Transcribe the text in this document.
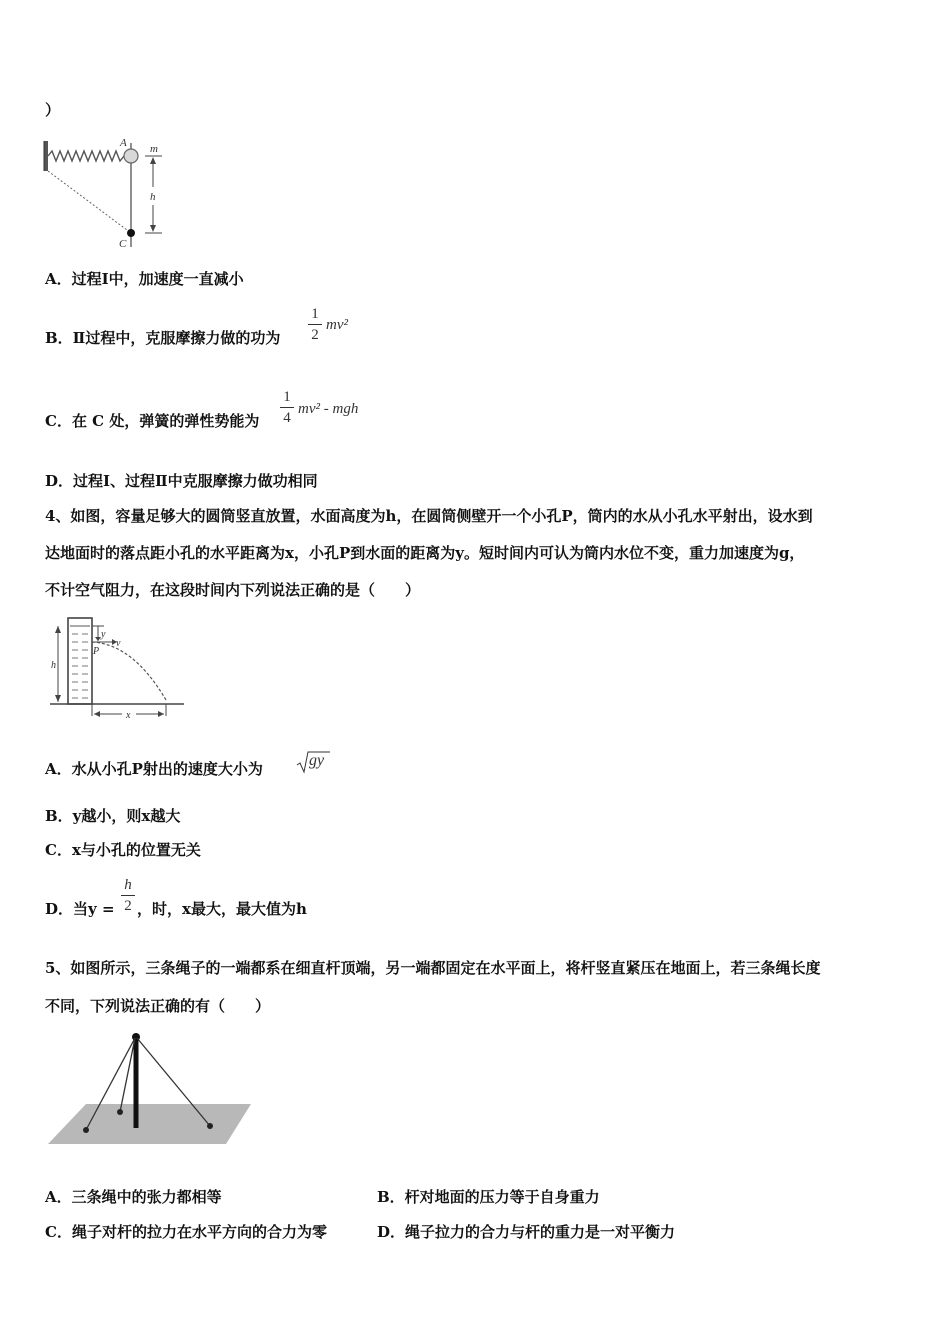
）
A m
h
C
A．过程Ⅰ中，加速度一直减小
B．Ⅱ过程中，克服摩擦力做的功为
1
2
mv²
C．在 C 处，弹簧的弹性势能为
1
4
mv² - mgh
D．过程Ⅰ、过程Ⅱ中克服摩擦力做功相同
4、如图，容量足够大的圆筒竖直放置，水面高度为h，在圆筒侧壁开一个小孔P，筒内的水从小孔水平射出，设水到
达地面时的落点距小孔的水平距离为x，小孔P到水面的距离为y。短时间内可认为筒内水位不变，重力加速度为g，
不计空气阻力，在这段时间内下列说法正确的是（　　）
y
v
P
h
x
A．水从小孔P射出的速度大小为	gy
B．y越小，则x越大
C．x与小孔的位置无关
D．当y =
h
2 ，时，x最大，最大值为h
5、如图所示，三条绳子的一端都系在细直杆顶端，另一端都固定在水平面上，将杆竖直紧压在地面上，若三条绳长度
不同，下列说法正确的有（　　）
A．三条绳中的张力都相等	B．杆对地面的压力等于自身重力
C．绳子对杆的拉力在水平方向的合力为零	D．绳子拉力的合力与杆的重力是一对平衡力
